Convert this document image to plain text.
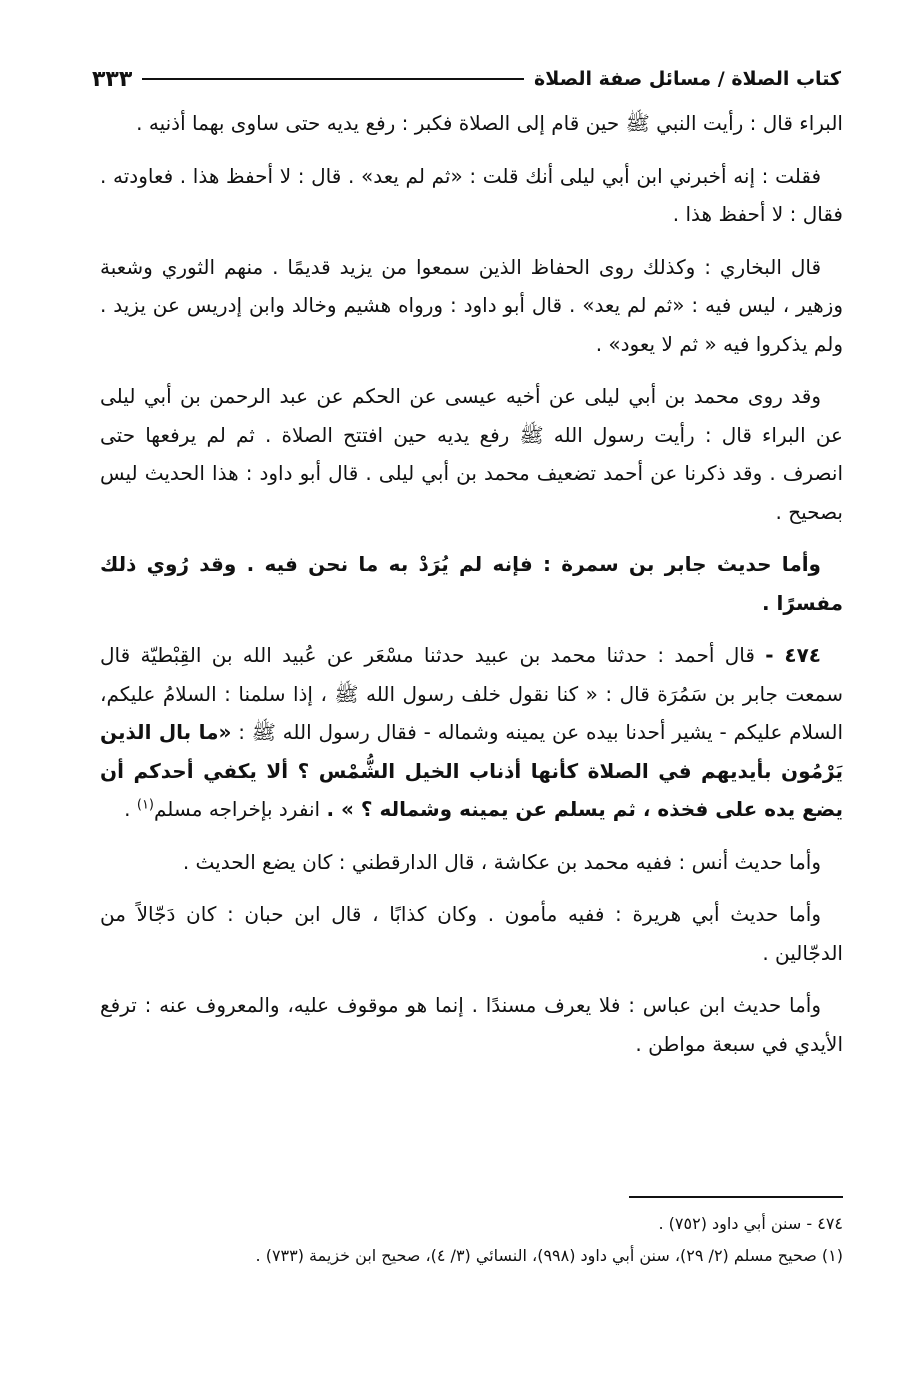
كتاب الصلاة / مسائل صفة الصلاة
٣٣٣

البراء قال : رأيت النبي ﷺ حين قام إلى الصلاة فكبر : رفع يديه حتى ساوى بهما أذنيه .

فقلت : إنه أخبرني ابن أبي ليلى أنك قلت : «ثم لم يعد» . قال : لا أحفظ هذا . فعاودته . فقال : لا أحفظ هذا .

قال البخاري : وكذلك روى الحفاظ الذين سمعوا من يزيد قديمًا . منهم الثوري وشعبة وزهير ، ليس فيه : «ثم لم يعد» . قال أبو داود : ورواه هشيم وخالد وابن إدريس عن يزيد . ولم يذكروا فيه « ثم لا يعود» .

وقد روى محمد بن أبي ليلى عن أخيه عيسى عن الحكم عن عبد الرحمن بن أبي ليلى عن البراء قال : رأيت رسول الله ﷺ رفع يديه حين افتتح الصلاة . ثم لم يرفعها حتى انصرف . وقد ذكرنا عن أحمد تضعيف محمد بن أبي ليلى . قال أبو داود : هذا الحديث ليس بصحيح .

وأما حديث جابر بن سمرة : فإنه لم يُرَدْ به ما نحن فيه . وقد رُوي ذلك مفسرًا .

٤٧٤ - قال أحمد : حدثنا محمد بن عبيد حدثنا مسْعَر عن عُبيد الله بن القِبْطيّة قال سمعت جابر بن سَمُرَة قال : « كنا نقول خلف رسول الله ﷺ ، إذا سلمنا : السلامُ عليكم، السلام عليكم - يشير أحدنا بيده عن يمينه وشماله - فقال رسول الله ﷺ : «ما بال الذين يَرْمُون بأيديهم في الصلاة كأنها أذناب الخيل الشُّمْس ؟ ألا يكفي أحدكم أن يضع يده على فخذه ، ثم يسلم عن يمينه وشماله ؟ » . انفرد بإخراجه مسلم$^{(١)}$ .

وأما حديث أنس : ففيه محمد بن عكاشة ، قال الدارقطني : كان يضع الحديث .

وأما حديث أبي هريرة : ففيه مأمون . وكان كذابًا ، قال ابن حبان : كان دَجّالاً من الدجّالين .

وأما حديث ابن عباس : فلا يعرف مسندًا . إنما هو موقوف عليه، والمعروف عنه : ترفع الأيدي في سبعة مواطن .

٤٧٤ - سنن أبي داود (٧٥٢) .
(١) صحيح مسلم (٢/ ٢٩)، سنن أبي داود (٩٩٨)، النسائي (٣/ ٤)، صحيح ابن خزيمة (٧٣٣) .
